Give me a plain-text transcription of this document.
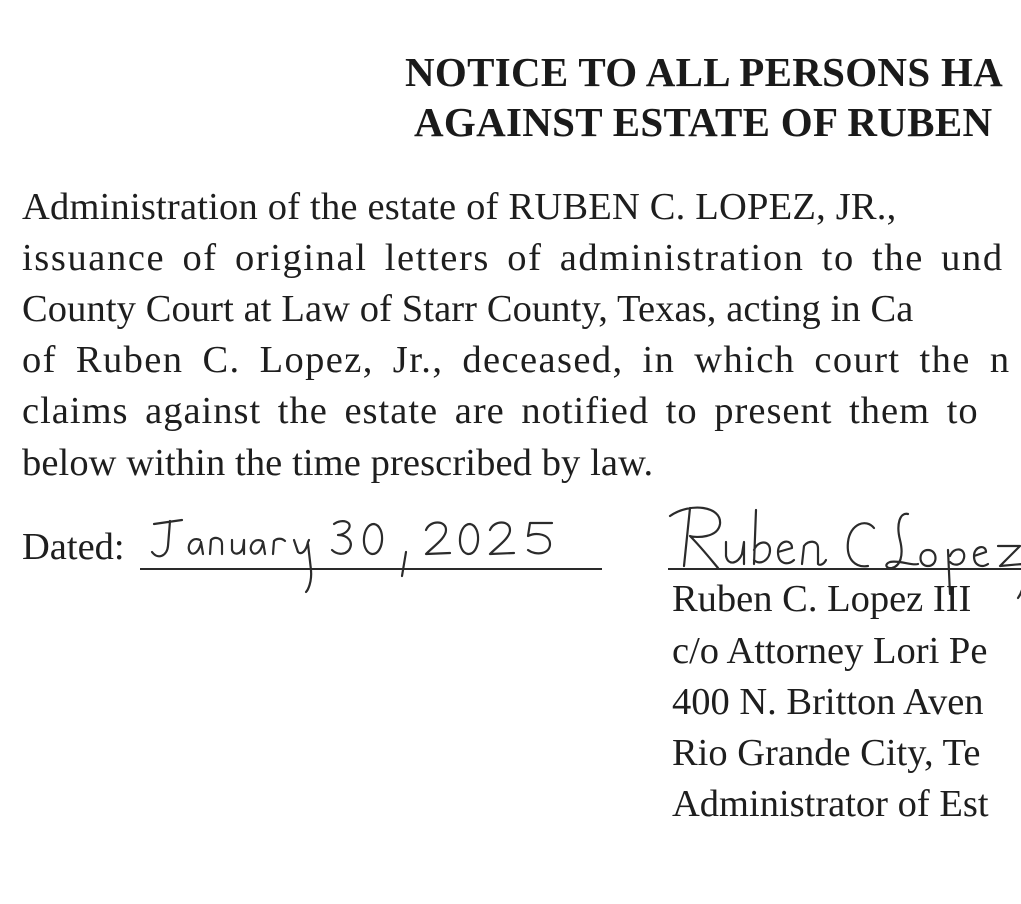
NOTICE TO ALL PERSONS HA
AGAINST ESTATE OF RUBEN
Administration of the estate of RUBEN C. LOPEZ, JR.,
issuance of original letters of administration to the und
County Court at Law of Starr County, Texas, acting in Ca
of Ruben C. Lopez, Jr., deceased, in which court the n
claims against the estate are notified to present them to
below within the time prescribed by law.
Dated:
Ruben C. Lopez III
c/o Attorney Lori Pe
400 N. Britton Aven
Rio Grande City, Te
Administrator of Est
